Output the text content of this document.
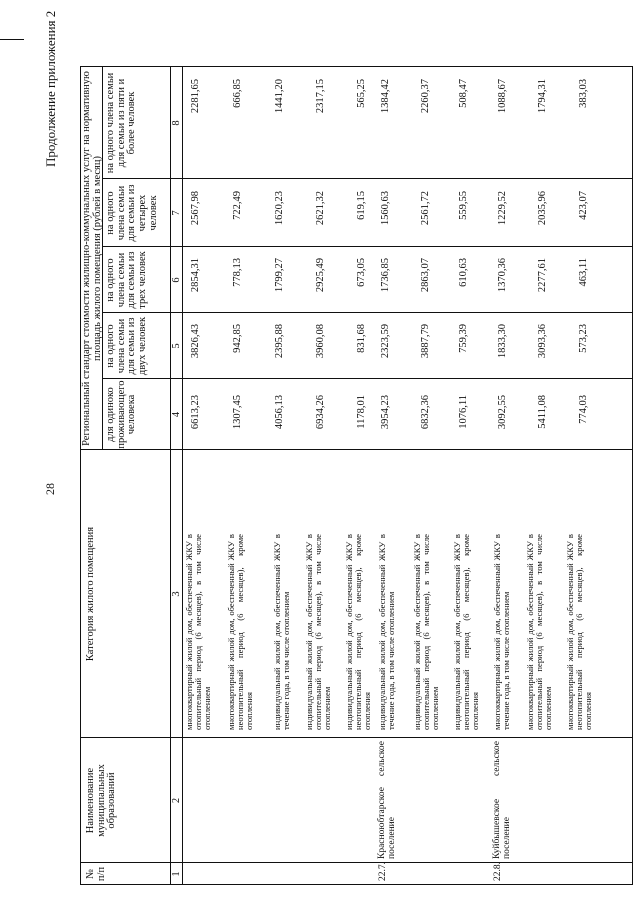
28
Продолжение приложения 2
№
п/п
Наименование муниципальных образований
Категория жилого помещения
Региональный стандарт стоимости жилищно-коммунальных услуг на нормативную площадь жилого помещения (рублей в месяц)
для одиноко проживающего человека
на одного члена семьи для семьи из двух человек
на одного члена семьи для семьи из трех человек
на одного члена семьи для семьи из четырех человек
на одного члена семьи для семьи из пяти и более человек
1
2
3
4
5
6
7
8
многоквартирный жилой дом, обеспеченный ЖКУ в отопительный период (6 месяцев), в том числе отоплением
6613,23
3826,43
2854,31
2567,98
2281,65
многоквартирный жилой дом, обеспеченный ЖКУ в неотопительный период (6 месяцев), кроме отопления
1307,45
942,85
778,13
722,49
666,85
индивидуальный жилой дом, обеспеченный ЖКУ в течение года, в том числе отоплением
4056,13
2395,88
1799,27
1620,23
1441,20
индивидуальный жилой дом, обеспеченный ЖКУ в отопительный период (6 месяцев), в том числе отоплением
6934,26
3960,08
2925,49
2621,32
2317,15
индивидуальный жилой дом, обеспеченный ЖКУ в неотопительный период (6 месяцев), кроме отопления
1178,01
831,68
673,05
619,15
565,25
22.7.
Красноюбтарское сельское поселение
индивидуальный жилой дом, обеспеченный ЖКУ в течение года, в том числе отоплением
3954,23
2323,59
1736,85
1560,63
1384,42
индивидуальный жилой дом, обеспеченный ЖКУ в отопительный период (6 месяцев), в том числе отоплением
6832,36
3887,79
2863,07
2561,72
2260,37
индивидуальный жилой дом, обеспеченный ЖКУ в неотопительный период (6 месяцев), кроме отопления
1076,11
759,39
610,63
559,55
508,47
22.8.
Куйбышевское сельское поселение
многоквартирный жилой дом, обеспеченный ЖКУ в течение года, в том числе отоплением
3092,55
1833,30
1370,36
1229,52
1088,67
многоквартирный жилой дом, обеспеченный ЖКУ в отопительный период (6 месяцев), в том числе отоплением
5411,08
3093,36
2277,61
2035,96
1794,31
многоквартирный жилой дом, обеспеченный ЖКУ в неотопительный период (6 месяцев), кроме отопления
774,03
573,23
463,11
423,07
383,03
